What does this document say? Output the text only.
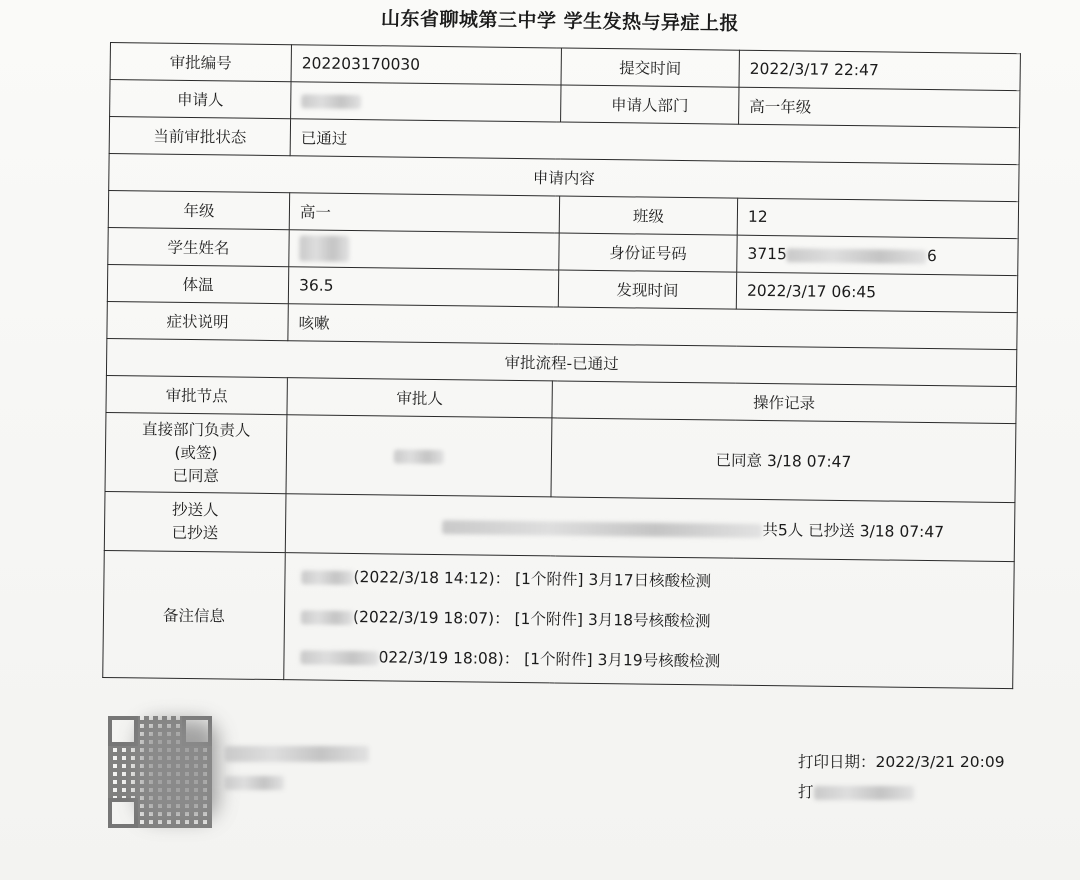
山东省聊城第三中学 学生发热与异症上报
审批编号	202203170030		提交时间	2022/3/17 22:47
申请人			申请人部门	高一年级
当前审批状态	已通过			
申请内容				
年级	高一		班级	12
学生姓名			身份证号码	3715 6
体温	36.5		发现时间	2022/3/17 06:45
症状说明	咳嗽			
审批流程-已通过				
审批节点	审批人	操作记录		

直接部门负责人
(或签)
已同意		已同意 3/18 07:47		

抄送人
已抄送	共5人 已抄送 3/18 07:47			
备注信息	(2022/3/18 14:12)： [1个附件] 3月17日核酸检测
(2022/3/19 18:07)： [1个附件] 3月18号核酸检测
022/3/19 18:08)： [1个附件] 3月19号核酸检测			
打印日期：2022/3/21 20:09
打
